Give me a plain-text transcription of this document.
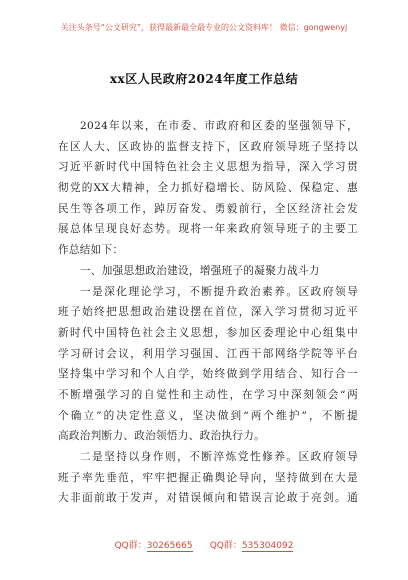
关注头条号“公文研究”，获得最新最全最专业的公文资料库！ 微信：gongwenyj
xx区人民政府2024年度工作总结
2024年以来，在市委、市政府和区委的坚强领导下，
在区人大、区政协的监督支持下，区政府领导班子坚持以
习近平新时代中国特色社会主义思想为指导，深入学习贯
彻党的XX大精神，全力抓好稳增长、防风险、保稳定、惠
民生等各项工作，踔厉奋发、勇毅前行，全区经济社会发
展总体呈现良好态势。现将一年来政府领导班子的主要工
作总结如下：
一、加强思想政治建设，增强班子的凝聚力战斗力
一是深化理论学习，不断提升政治素养。区政府领导
班子始终把思想政治建设摆在首位，深入学习贯彻习近平
新时代中国特色社会主义思想，参加区委理论中心组集中
学习研讨会议，利用学习强国、江西干部网络学院等平台
坚持集中学习和个人自学，始终做到学用结合、知行合一
不断增强学习的自觉性和主动性，在学习中深刻领会“两
个确立”的决定性意义，坚决做到“两个维护”，不断提
高政治判断力、政治领悟力、政治执行力。
二是坚持以身作则，不断淬炼党性修养。区政府领导
班子率先垂范，牢牢把握正确舆论导向，坚持做到在大是
大非面前敢于发声，对错误倾向和错误言论敢于亮剑。通
QQ群：30265665 QQ群：535304092
